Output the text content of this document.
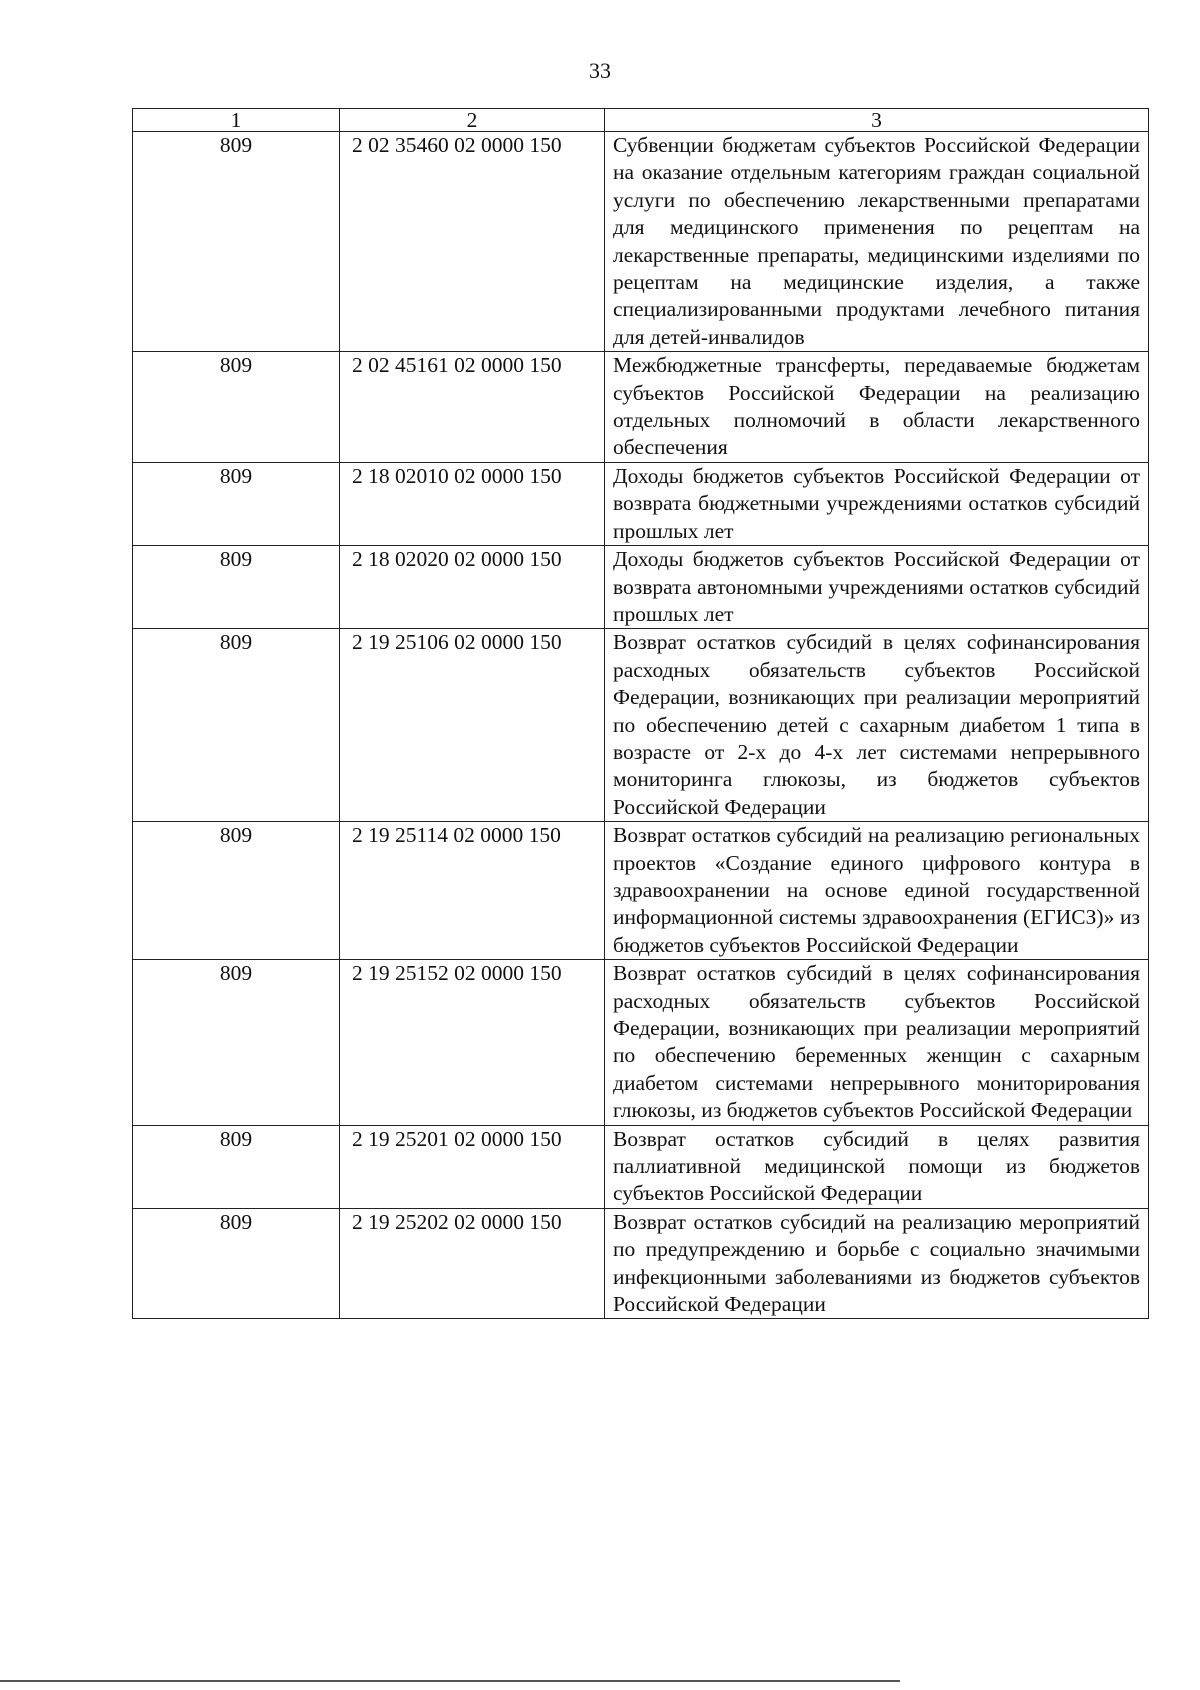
33
1	2	3
809	2 02 35460 02 0000 150	Субвенции бюджетам субъектов Российской Федерации на оказание отдельным категориям граждан социальной услуги по обеспечению лекарственными препаратами для медицинского применения по рецептам на лекарственные препараты, медицинскими изделиями по рецептам на медицинские изделия, а также специализированными продуктами лечебного питания для детей-инвалидов
809	2 02 45161 02 0000 150	Межбюджетные трансферты, передаваемые бюджетам субъектов Российской Федерации на реализацию отдельных полномочий в области лекарственного обеспечения
809	2 18 02010 02 0000 150	Доходы бюджетов субъектов Российской Федерации от возврата бюджетными учреждениями остатков субсидий прошлых лет
809	2 18 02020 02 0000 150	Доходы бюджетов субъектов Российской Федерации от возврата автономными учреждениями остатков субсидий прошлых лет
809	2 19 25106 02 0000 150	Возврат остатков субсидий в целях софинансирования расходных обязательств субъектов Российской Федерации, возникающих при реализации мероприятий по обеспечению детей с сахарным диабетом 1 типа в возрасте от 2-х до 4-х лет системами непрерывного мониторинга глюкозы, из бюджетов субъектов Российской Федерации
809	2 19 25114 02 0000 150	Возврат остатков субсидий на реализацию региональных проектов «Создание единого цифрового контура в здравоохранении на основе единой государственной информационной системы здравоохранения (ЕГИСЗ)» из бюджетов субъектов Российской Федерации
809	2 19 25152 02 0000 150	Возврат остатков субсидий в целях софинансирования расходных обязательств субъектов Российской Федерации, возникающих при реализации мероприятий по обеспечению беременных женщин с сахарным диабетом системами непрерывного мониторирования глюкозы, из бюджетов субъектов Российской Федерации
809	2 19 25201 02 0000 150	Возврат остатков субсидий в целях развития паллиативной медицинской помощи из бюджетов субъектов Российской Федерации
809	2 19 25202 02 0000 150	Возврат остатков субсидий на реализацию мероприятий по предупреждению и борьбе с социально значимыми инфекционными заболеваниями из бюджетов субъектов Российской Федерации
